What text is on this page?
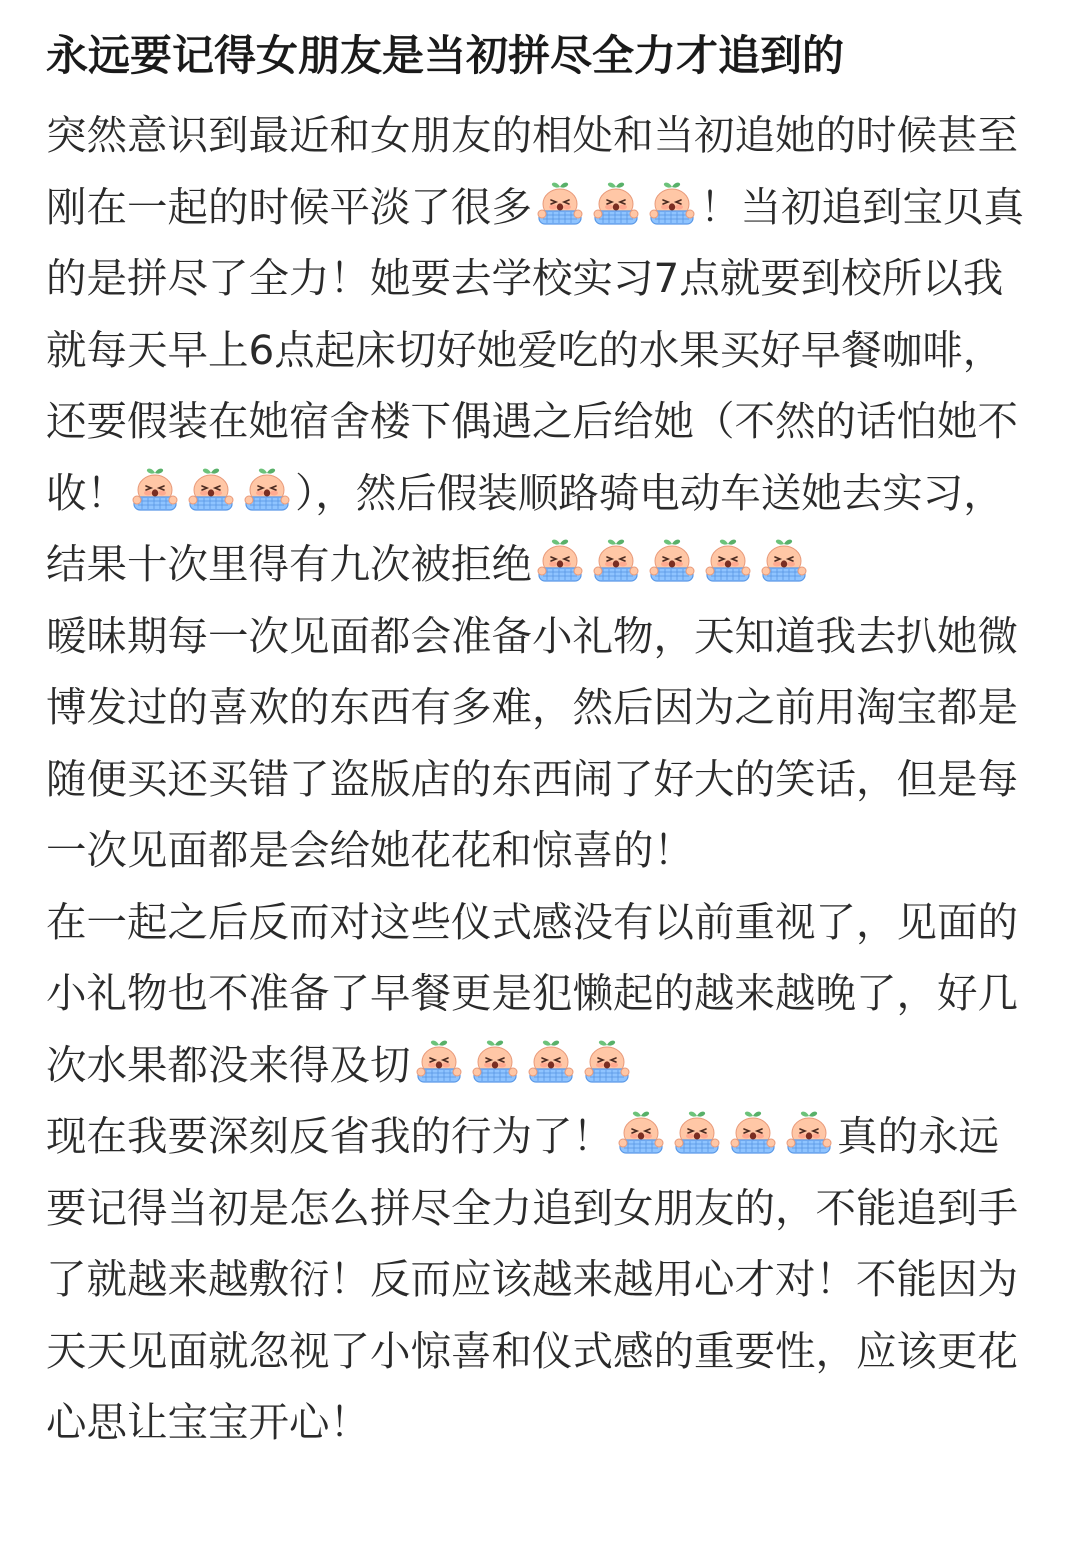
永远要记得女朋友是当初拼尽全力才追到的

突然意识到最近和女朋友的相处和当初追她的时候甚至刚在一起的时候平淡了很多	！当初追到宝贝真的是拼尽了全力！她要去学校实习7点就要到校所以我就每天早上6点起床切好她爱吃的水果买好早餐咖啡，还要假装在她宿舍楼下偶遇之后给她（不然的话怕她不收！	），然后假装顺路骑电动车送她去实习，结果十次里得有九次被拒绝

暧昧期每一次见面都会准备小礼物，天知道我去扒她微博发过的喜欢的东西有多难，然后因为之前用淘宝都是随便买还买错了盗版店的东西闹了好大的笑话，但是每一次见面都是会给她花花和惊喜的！

在一起之后反而对这些仪式感没有以前重视了，见面的小礼物也不准备了早餐更是犯懒起的越来越晚了，好几次水果都没来得及切

现在我要深刻反省我的行为了！	真的永远要记得当初是怎么拼尽全力追到女朋友的，不能追到手了就越来越敷衍！反而应该越来越用心才对！不能因为天天见面就忽视了小惊喜和仪式感的重要性，应该更花心思让宝宝开心！
